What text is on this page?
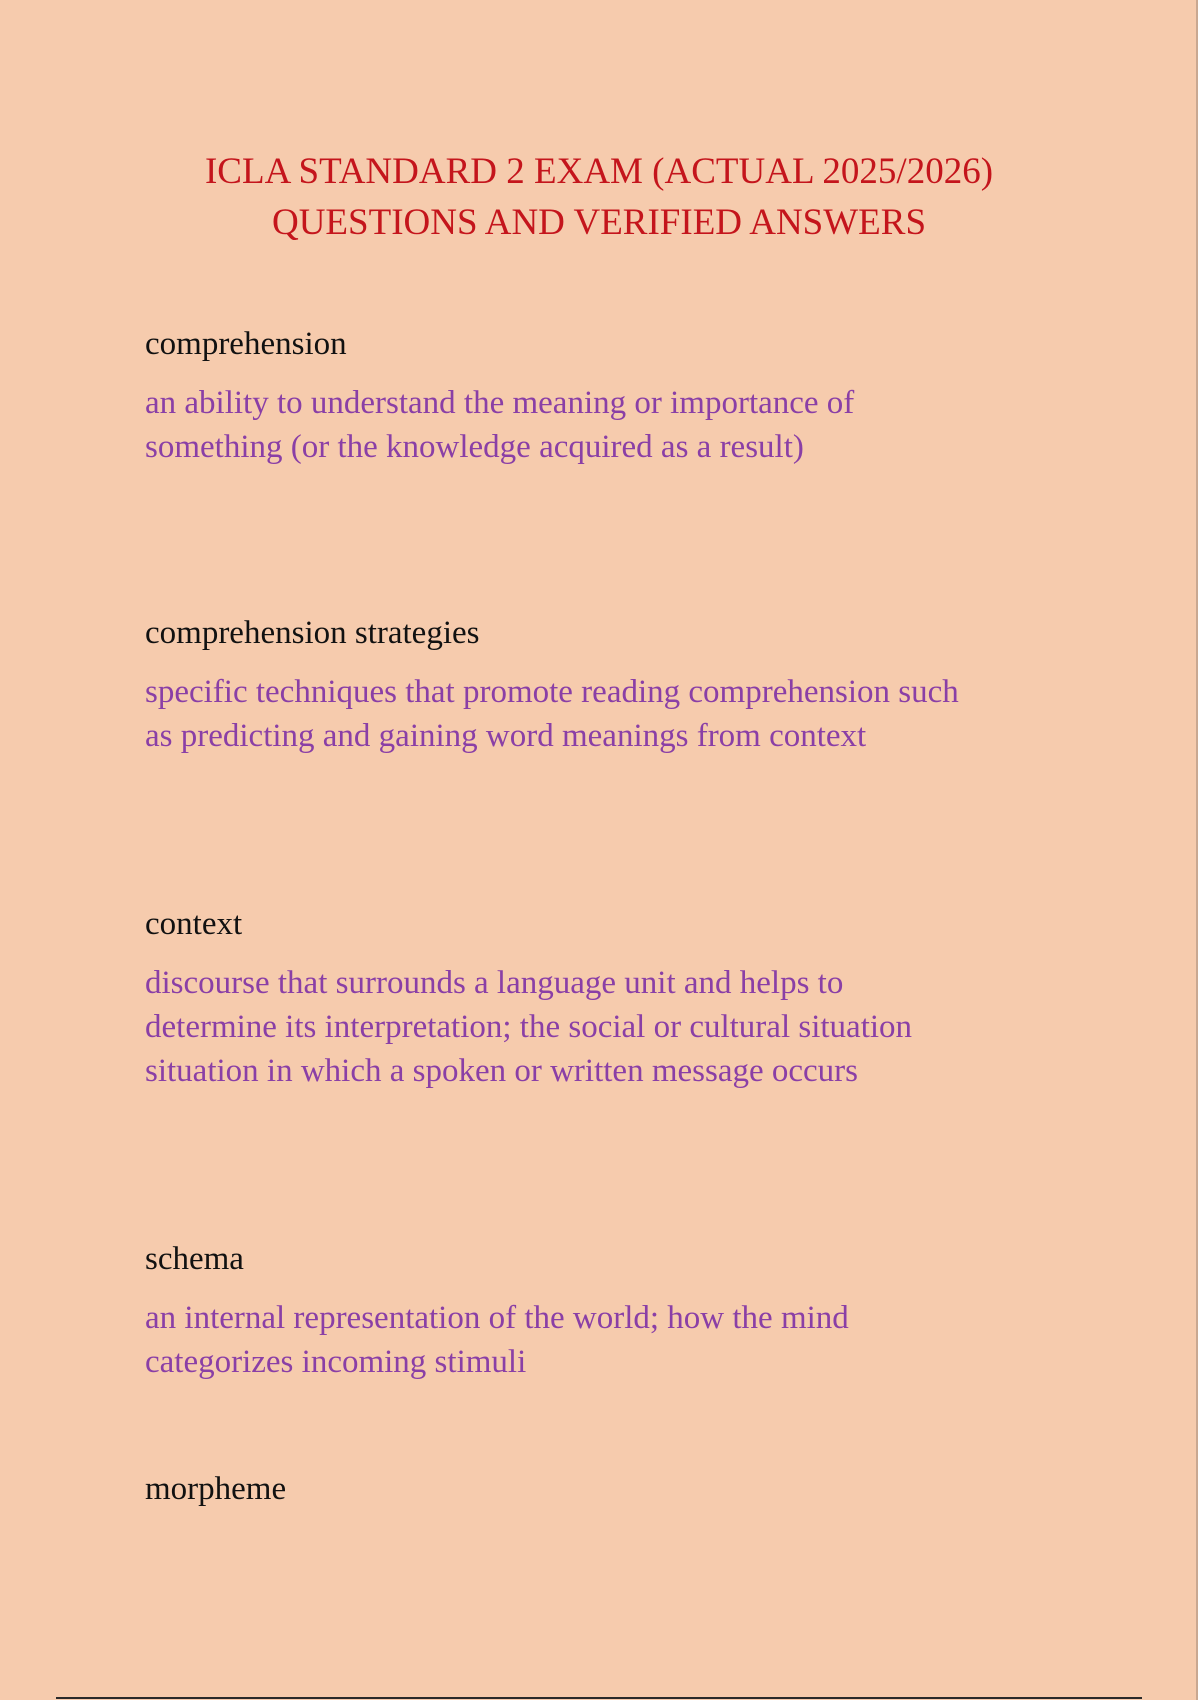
ICLA STANDARD 2 EXAM (ACTUAL 2025/2026)
QUESTIONS AND VERIFIED ANSWERS
comprehension
an ability to understand the meaning or importance of
something (or the knowledge acquired as a result)
comprehension strategies
specific techniques that promote reading comprehension such
as predicting and gaining word meanings from context
context
discourse that surrounds a language unit and helps to
determine its interpretation; the social or cultural situation
situation in which a spoken or written message occurs
schema
an internal representation of the world; how the mind
categorizes incoming stimuli
morpheme
